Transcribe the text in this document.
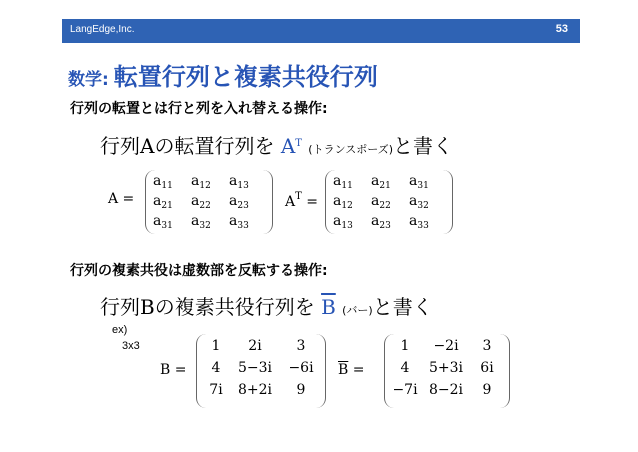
LangEdge,Inc.	53
数学: 転置行列と複素共役行列
行列の転置とは行と列を入れ替える操作:
行列Aの転置行列を $A^T$ (トランスポーズ)と書く
A =
$a_{11}$ $a_{12}$ $a_{13}$
$a_{21}$ $a_{22}$ $a_{23}$
$a_{31}$ $a_{32}$ $a_{33}$
$A^T$ =
$a_{11}$ $a_{21}$ $a_{31}$
$a_{12}$ $a_{22}$ $a_{32}$
$a_{13}$ $a_{23}$ $a_{33}$
行列の複素共役は虚数部を反転する操作:
行列Bの複素共役行列を $\overline{B}$ (バー)と書く
ex)
3x3
B =
1	2i	3
4	5−3i	−6i
7i	8+2i	9
$\overline{B}$ =
1	−2i	3
4	5+3i	6i
−7i 8−2i	9
